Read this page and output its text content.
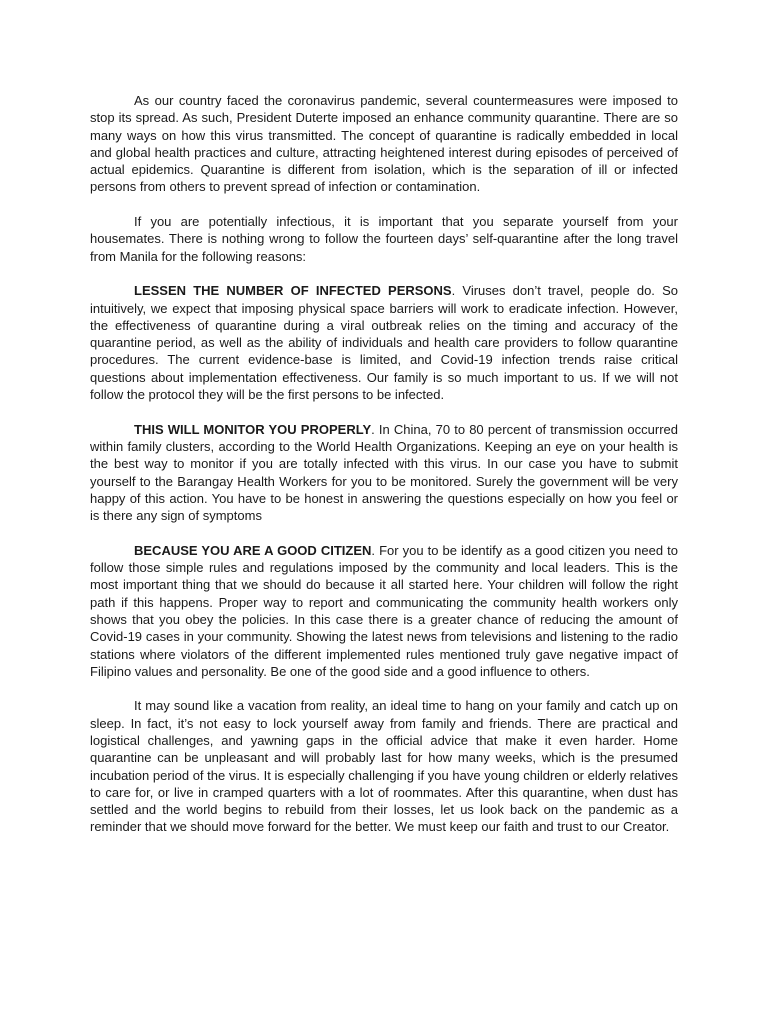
As our country faced the coronavirus pandemic, several countermeasures were imposed to stop its spread. As such, President Duterte imposed an enhance community quarantine. There are so many ways on how this virus transmitted. The concept of quarantine is radically embedded in local and global health practices and culture, attracting heightened interest during episodes of perceived of actual epidemics. Quarantine is different from isolation, which is the separation of ill or infected persons from others to prevent spread of infection or contamination.

If you are potentially infectious, it is important that you separate yourself from your housemates. There is nothing wrong to follow the fourteen days’ self-quarantine after the long travel from Manila for the following reasons:

LESSEN THE NUMBER OF INFECTED PERSONS. Viruses don’t travel, people do. So intuitively, we expect that imposing physical space barriers will work to eradicate infection. However, the effectiveness of quarantine during a viral outbreak relies on the timing and accuracy of the quarantine period, as well as the ability of individuals and health care providers to follow quarantine procedures. The current evidence-base is limited, and Covid-19 infection trends raise critical questions about implementation effectiveness. Our family is so much important to us. If we will not follow the protocol they will be the first persons to be infected.

THIS WILL MONITOR YOU PROPERLY. In China, 70 to 80 percent of transmission occurred within family clusters, according to the World Health Organizations. Keeping an eye on your health is the best way to monitor if you are totally infected with this virus. In our case you have to submit yourself to the Barangay Health Workers for you to be monitored. Surely the government will be very happy of this action. You have to be honest in answering the questions especially on how you feel or is there any sign of symptoms

BECAUSE YOU ARE A GOOD CITIZEN. For you to be identify as a good citizen you need to follow those simple rules and regulations imposed by the community and local leaders. This is the most important thing that we should do because it all started here. Your children will follow the right path if this happens. Proper way to report and communicating the community health workers only shows that you obey the policies. In this case there is a greater chance of reducing the amount of Covid-19 cases in your community. Showing the latest news from televisions and listening to the radio stations where violators of the different implemented rules mentioned truly gave negative impact of Filipino values and personality. Be one of the good side and a good influence to others.

It may sound like a vacation from reality, an ideal time to hang on your family and catch up on sleep. In fact, it’s not easy to lock yourself away from family and friends. There are practical and logistical challenges, and yawning gaps in the official advice that make it even harder. Home quarantine can be unpleasant and will probably last for how many weeks, which is the presumed incubation period of the virus. It is especially challenging if you have young children or elderly relatives to care for, or live in cramped quarters with a lot of roommates. After this quarantine, when dust has settled and the world begins to rebuild from their losses, let us look back on the pandemic as a reminder that we should move forward for the better. We must keep our faith and trust to our Creator.
